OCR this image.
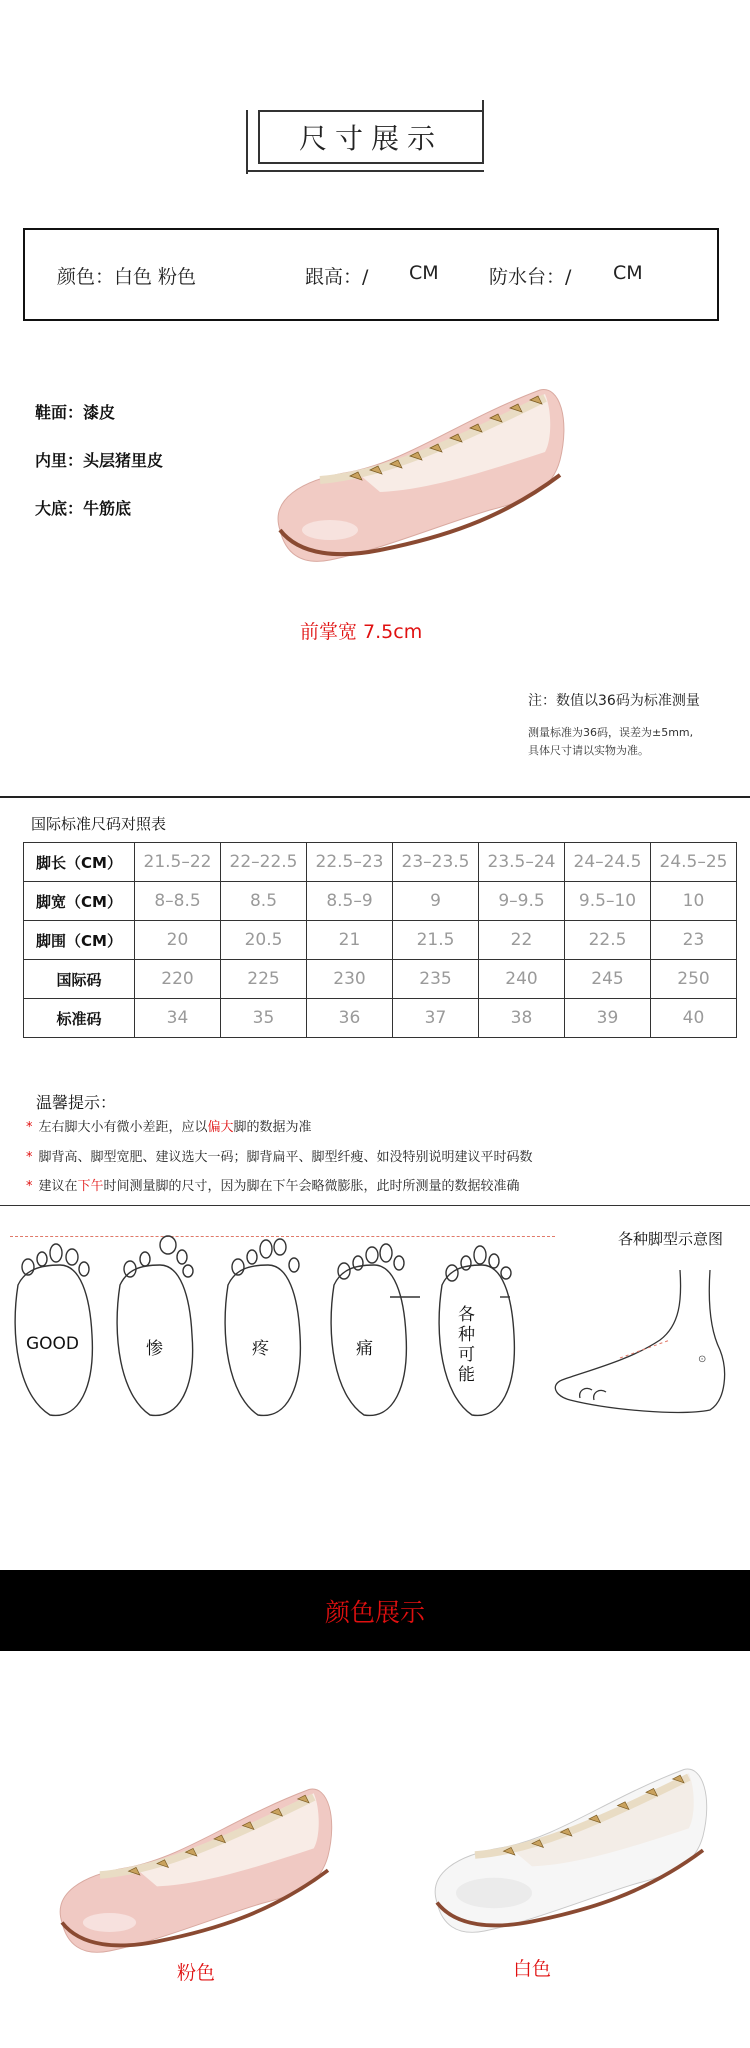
尺寸展示
颜色：白色 粉色	跟高：/ CM	防水台：/ CM
鞋面：漆皮
内里：头层猪里皮
大底：牛筋底
前掌宽 7.5cm
注：数值以36码为标准测量
测量标准为36码，误差为±5mm,
具体尺寸请以实物为准。
国际标准尺码对照表
脚长（CM）	21.5–22	22–22.5	22.5–23	23–23.5	23.5–24	24–24.5	24.5–25
脚宽（CM）	8–8.5	8.5	8.5–9	9	9–9.5	9.5–10	10
脚围（CM）	20	20.5	21	21.5	22	22.5	23
国际码	220	225	230	235	240	245	250
标准码	34	35	36	37	38	39	40
温馨提示：
* 左右脚大小有微小差距，应以偏大脚的数据为准
* 脚背高、脚型宽肥、建议选大一码；脚背扁平、脚型纤瘦、如没特别说明建议平时码数
* 建议在下午时间测量脚的尺寸，因为脚在下午会略微膨胀，此时所测量的数据较准确
各种脚型示意图
GOOD	惨	疼	痛
各种可能
⊙
颜色展示
粉色	白色
